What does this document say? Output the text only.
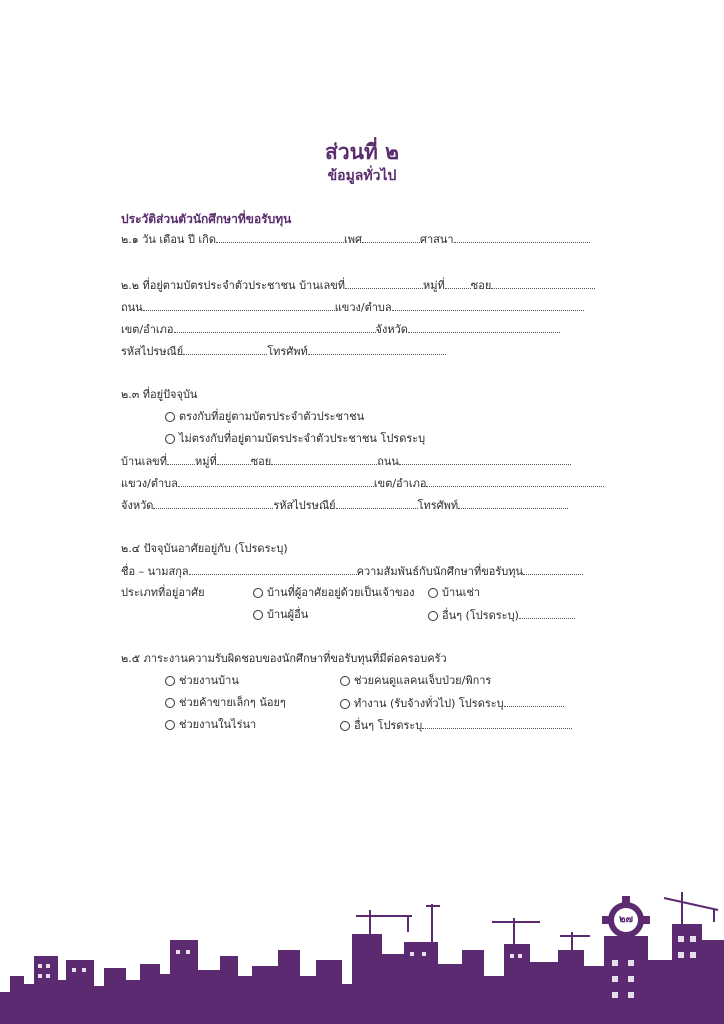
ส่วนที่ ๒
ข้อมูลทั่วไป
ประวัติส่วนตัวนักศึกษาที่ขอรับทุน
๒.๑ วัน เดือน ปี เกิด	เพศ	ศาสนา
๒.๒ ที่อยู่ตามบัตรประจำตัวประชาชน บ้านเลขที่	หมู่ที่ ซอย
ถนน	แขวง/ตำบล
เขต/อำเภอ	จังหวัด
รหัสไปรษณีย์	โทรศัพท์
๒.๓ ที่อยู่ปัจจุบัน
ตรงกับที่อยู่ตามบัตรประจำตัวประชาชน
ไม่ตรงกับที่อยู่ตามบัตรประจำตัวประชาชน โปรดระบุ
บ้านเลขที่	หมู่ที่	ซอย	ถนน
แขวง/ตำบล	เขต/อำเภอ
จังหวัด	รหัสไปรษณีย์	โทรศัพท์
๒.๔ ปัจจุบันอาศัยอยู่กับ (โปรดระบุ)
ชื่อ – นามสกุล	ความสัมพันธ์กับนักศึกษาที่ขอรับทุน
ประเภทที่อยู่อาศัย	บ้านที่ผู้อาศัยอยู่ด้วยเป็นเจ้าของ	บ้านเช่า
บ้านผู้อื่น	อื่นๆ (โปรดระบุ)
๒.๕ ภาระงานความรับผิดชอบของนักศึกษาที่ขอรับทุนที่มีต่อครอบครัว
ช่วยงานบ้าน	ช่วยคนดูแลคนเจ็บป่วย/พิการ
ช่วยค้าขายเล็กๆ น้อยๆ	ทำงาน (รับจ้างทั่วไป) โปรดระบุ
ช่วยงานในไร่นา	อื่นๆ โปรดระบุ
๒๗
